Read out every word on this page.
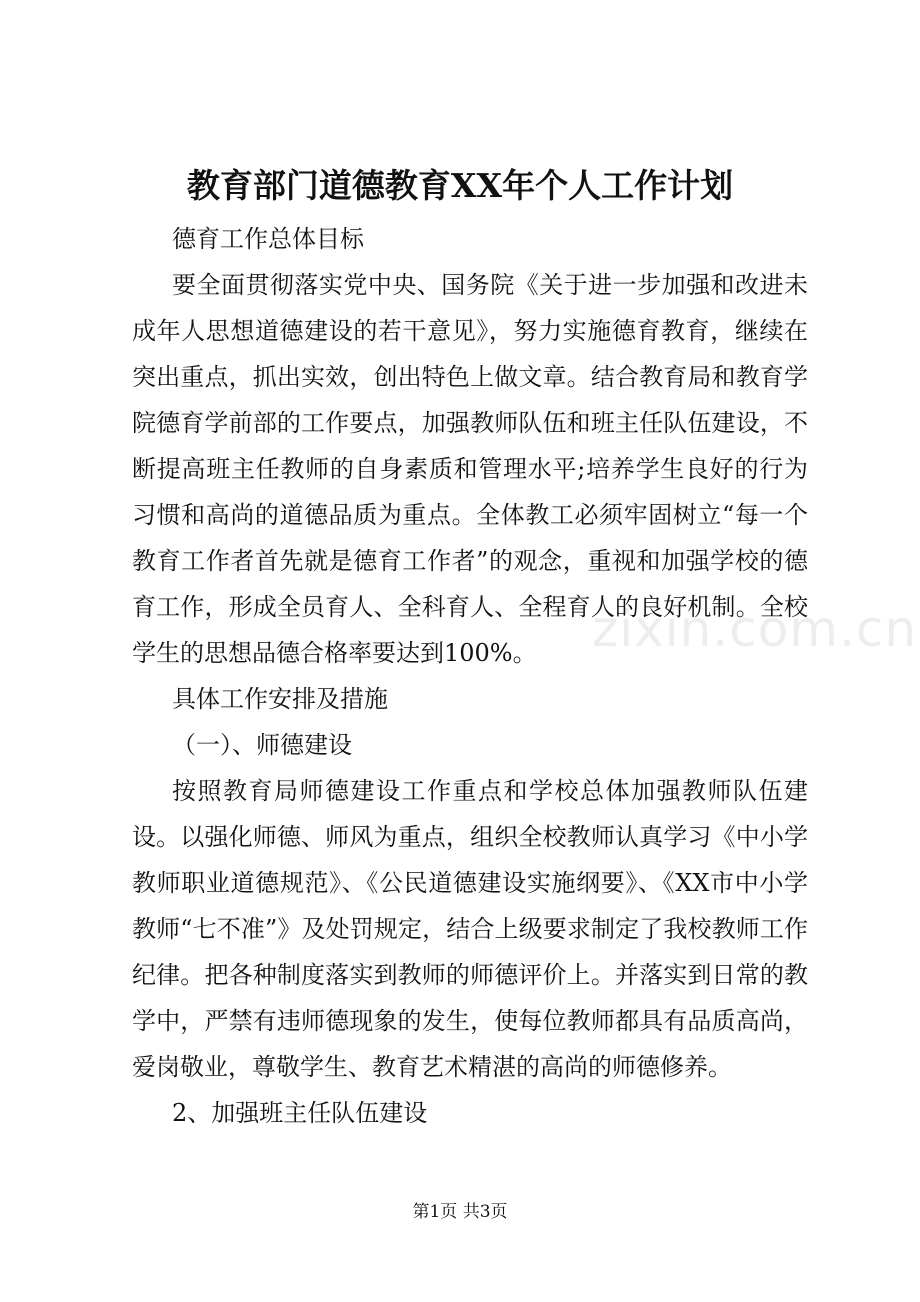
教育部门道德教育XX年个人工作计划

德育工作总体目标

要全面贯彻落实党中央、国务院《关于进一步加强和改进未成年人思想道德建设的若干意见》，努力实施德育教育，继续在突出重点，抓出实效，创出特色上做文章。结合教育局和教育学院德育学前部的工作要点，加强教师队伍和班主任队伍建设，不断提高班主任教师的自身素质和管理水平;培养学生良好的行为习惯和高尚的道德品质为重点。全体教工必须牢固树立“每一个教育工作者首先就是德育工作者”的观念，重视和加强学校的德育工作，形成全员育人、全科育人、全程育人的良好机制。全校学生的思想品德合格率要达到100%。

具体工作安排及措施

（一）、师德建设

按照教育局师德建设工作重点和学校总体加强教师队伍建设。以强化师德、师风为重点，组织全校教师认真学习《中小学教师职业道德规范》、《公民道德建设实施纲要》、《XX市中小学教师“七不准”》及处罚规定，结合上级要求制定了我校教师工作纪律。把各种制度落实到教师的师德评价上。并落实到日常的教学中，严禁有违师德现象的发生，使每位教师都具有品质高尚，爱岗敬业，尊敬学生、教育艺术精湛的高尚的师德修养。

2、加强班主任队伍建设

zixin.com.cn
第1页 共3页
